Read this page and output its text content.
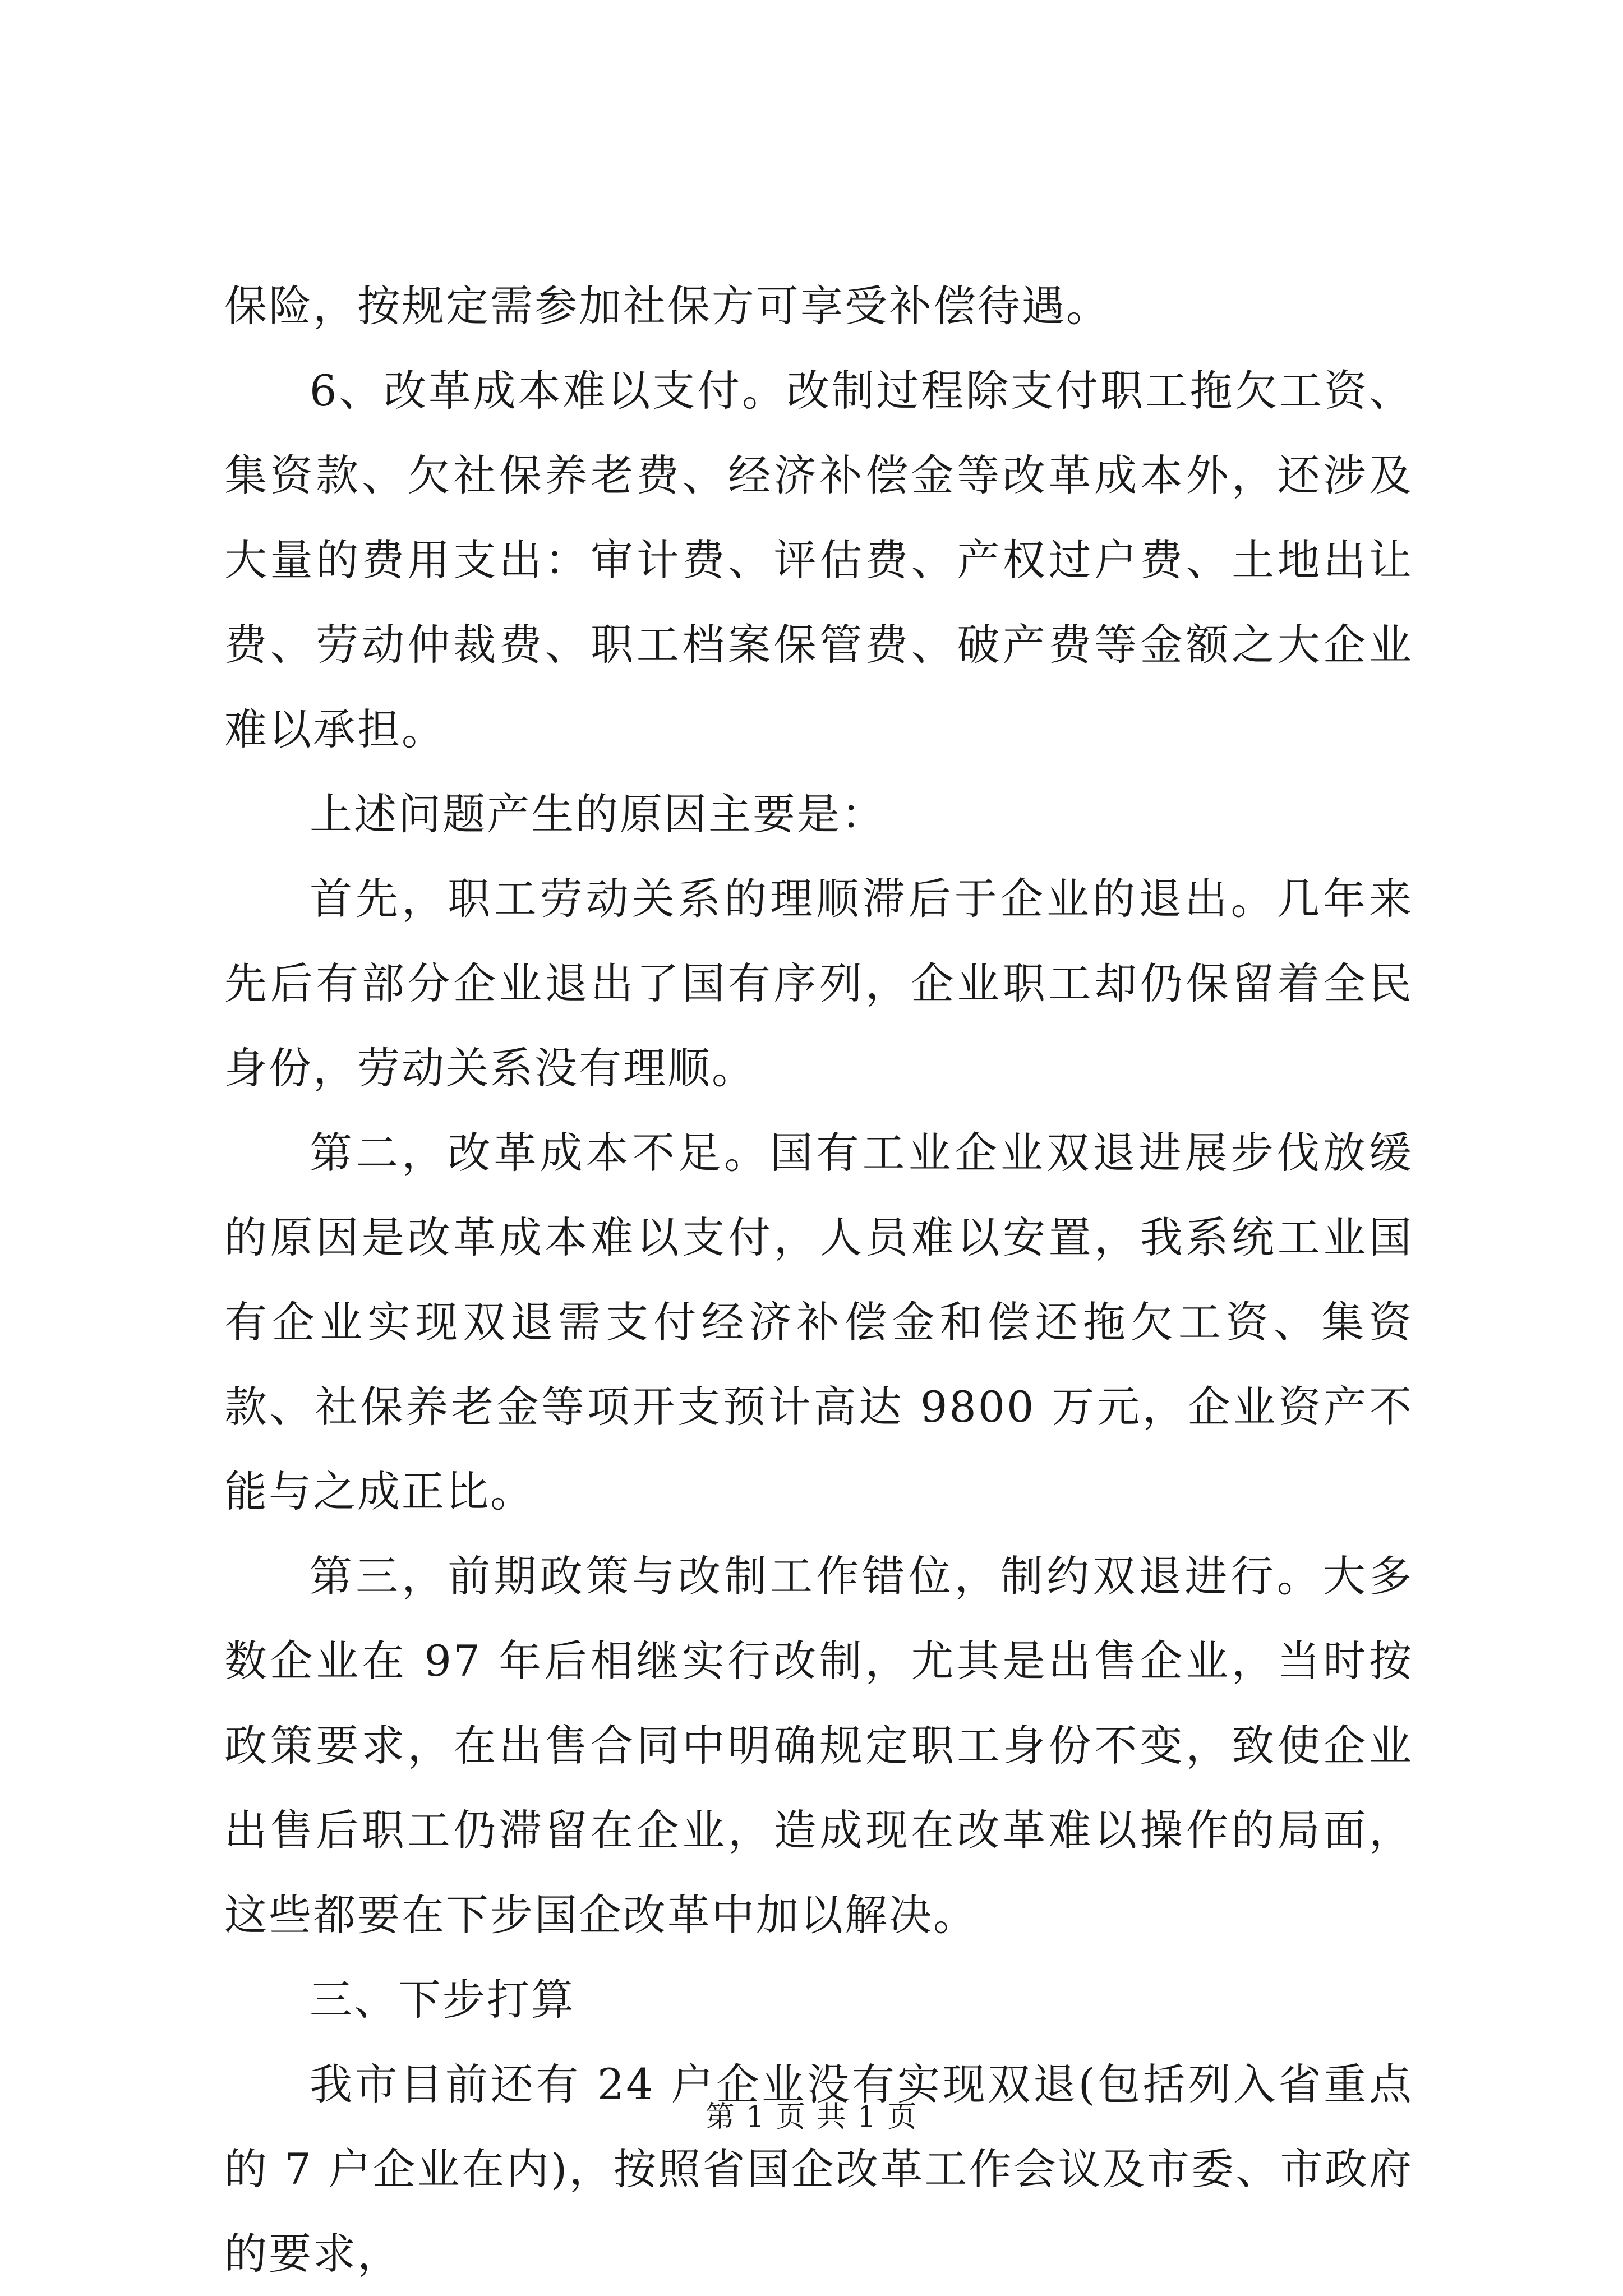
保险，按规定需参加社保方可享受补偿待遇。

6、改革成本难以支付。改制过程除支付职工拖欠工资、集资款、欠社保养老费、经济补偿金等改革成本外，还涉及大量的费用支出：审计费、评估费、产权过户费、土地出让费、劳动仲裁费、职工档案保管费、破产费等金额之大企业难以承担。

上述问题产生的原因主要是：

首先，职工劳动关系的理顺滞后于企业的退出。几年来先后有部分企业退出了国有序列，企业职工却仍保留着全民身份，劳动关系没有理顺。

第二，改革成本不足。国有工业企业双退进展步伐放缓的原因是改革成本难以支付，人员难以安置，我系统工业国有企业实现双退需支付经济补偿金和偿还拖欠工资、集资款、社保养老金等项开支预计高达 9800 万元，企业资产不能与之成正比。

第三，前期政策与改制工作错位，制约双退进行。大多数企业在 97 年后相继实行改制，尤其是出售企业，当时按政策要求，在出售合同中明确规定职工身份不变，致使企业出售后职工仍滞留在企业，造成现在改革难以操作的局面，这些都要在下步国企改革中加以解决。

三、下步打算

我市目前还有 24 户企业没有实现双退(包括列入省重点的 7 户企业在内)，按照省国企改革工作会议及市委、市政府的要求，

第 1 页 共 1 页
